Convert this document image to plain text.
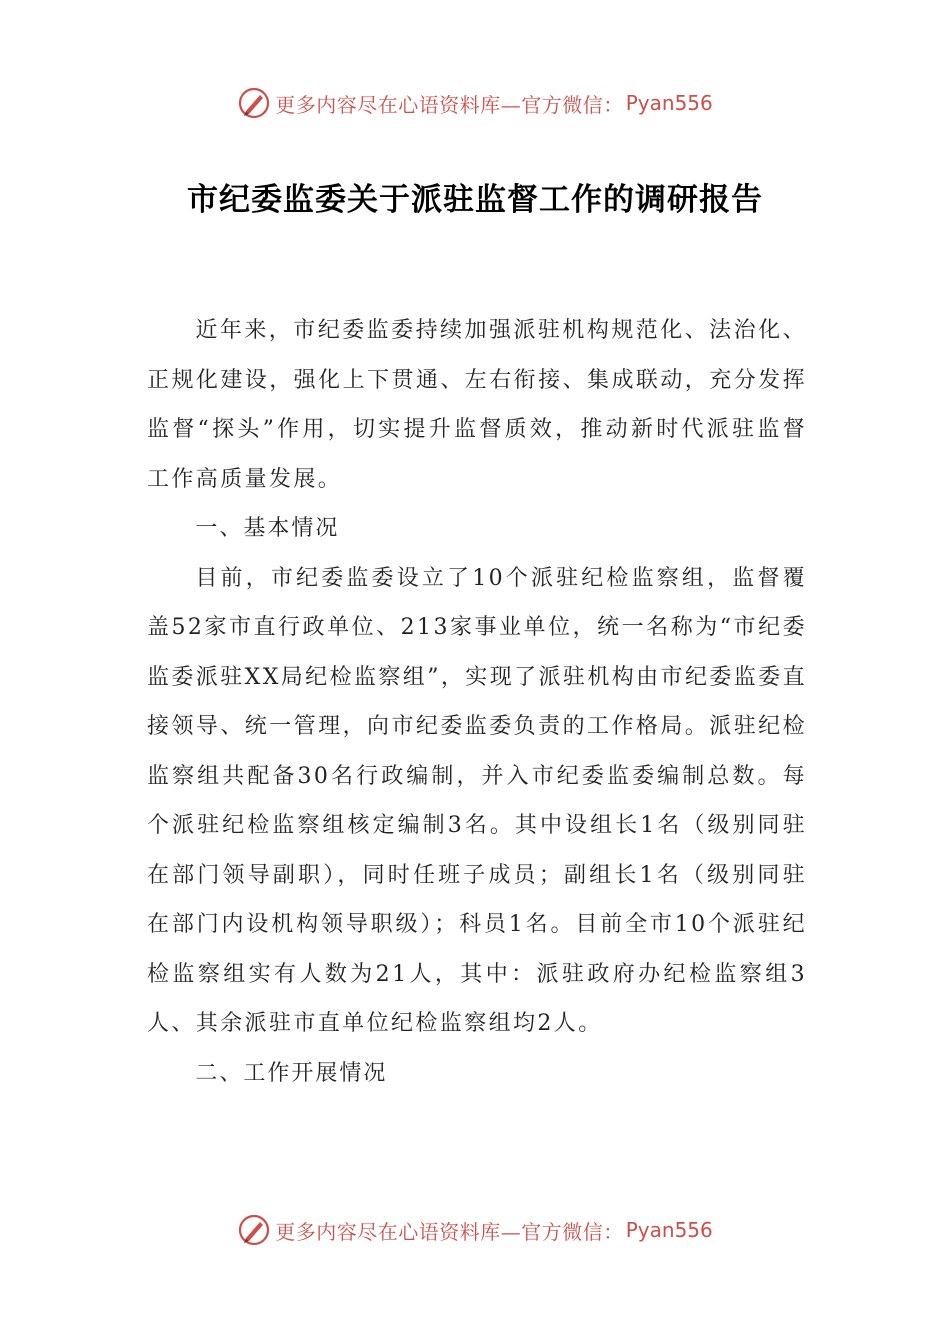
更多内容尽在心语资料库—官方微信： Pyan556
市纪委监委关于派驻监督工作的调研报告

近年来，市纪委监委持续加强派驻机构规范化、法治化、正规化建设，强化上下贯通、左右衔接、集成联动，充分发挥监督“探头”作用，切实提升监督质效，推动新时代派驻监督工作高质量发展。

一、基本情况

目前，市纪委监委设立了10个派驻纪检监察组，监督覆盖52家市直行政单位、213家事业单位，统一名称为“市纪委监委派驻XX局纪检监察组”，实现了派驻机构由市纪委监委直接领导、统一管理，向市纪委监委负责的工作格局。派驻纪检监察组共配备30名行政编制，并入市纪委监委编制总数。每个派驻纪检监察组核定编制3名。其中设组长1名（级别同驻在部门领导副职），同时任班子成员；副组长1名（级别同驻在部门内设机构领导职级）；科员1名。目前全市10个派驻纪检监察组实有人数为21人，其中：派驻政府办纪检监察组3人、其余派驻市直单位纪检监察组均2人。

二、工作开展情况

更多内容尽在心语资料库—官方微信： Pyan556
